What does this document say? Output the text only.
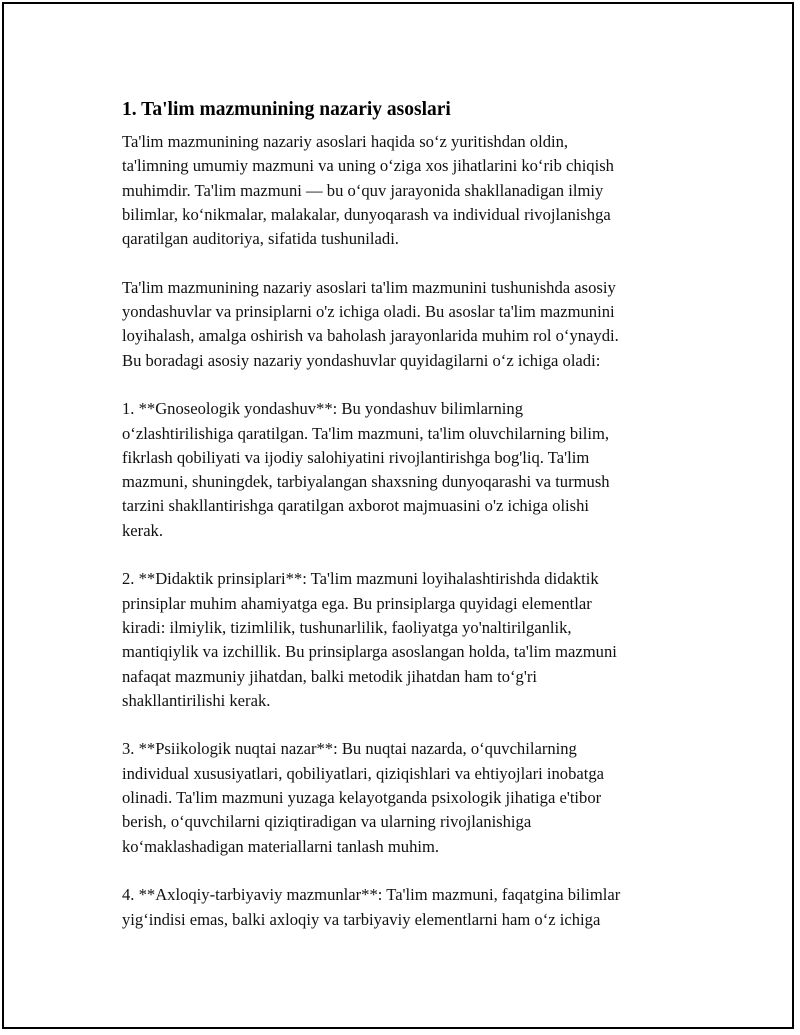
1. Ta'lim mazmunining nazariy asoslari

Ta'lim mazmunining nazariy asoslari haqida so‘z yuritishdan oldin,
ta'limning umumiy mazmuni va uning o‘ziga xos jihatlarini ko‘rib chiqish
muhimdir. Ta'lim mazmuni — bu o‘quv jarayonida shakllanadigan ilmiy
bilimlar, ko‘nikmalar, malakalar, dunyoqarash va individual rivojlanishga
qaratilgan auditoriya, sifatida tushuniladi.

Ta'lim mazmunining nazariy asoslari ta'lim mazmunini tushunishda asosiy
yondashuvlar va prinsiplarni o'z ichiga oladi. Bu asoslar ta'lim mazmunini
loyihalash, amalga oshirish va baholash jarayonlarida muhim rol o‘ynaydi.
Bu boradagi asosiy nazariy yondashuvlar quyidagilarni o‘z ichiga oladi:

1. **Gnoseologik yondashuv**: Bu yondashuv bilimlarning
o‘zlashtirilishiga qaratilgan. Ta'lim mazmuni, ta'lim oluvchilarning bilim,
fikrlash qobiliyati va ijodiy salohiyatini rivojlantirishga bog'liq. Ta'lim
mazmuni, shuningdek, tarbiyalangan shaxsning dunyoqarashi va turmush
tarzini shakllantirishga qaratilgan axborot majmuasini o'z ichiga olishi
kerak.

2. **Didaktik prinsiplari**: Ta'lim mazmuni loyihalashtirishda didaktik
prinsiplar muhim ahamiyatga ega. Bu prinsiplarga quyidagi elementlar
kiradi: ilmiylik, tizimlilik, tushunarlilik, faoliyatga yo'naltirilganlik,
mantiqiylik va izchillik. Bu prinsiplarga asoslangan holda, ta'lim mazmuni
nafaqat mazmuniy jihatdan, balki metodik jihatdan ham to‘g'ri
shakllantirilishi kerak.

3. **Psiikologik nuqtai nazar**: Bu nuqtai nazarda, o‘quvchilarning
individual xususiyatlari, qobiliyatlari, qiziqishlari va ehtiyojlari inobatga
olinadi. Ta'lim mazmuni yuzaga kelayotganda psixologik jihatiga e'tibor
berish, o‘quvchilarni qiziqtiradigan va ularning rivojlanishiga
ko‘maklashadigan materiallarni tanlash muhim.

4. **Axloqiy-tarbiyaviy mazmunlar**: Ta'lim mazmuni, faqatgina bilimlar
yig‘indisi emas, balki axloqiy va tarbiyaviy elementlarni ham o‘z ichiga
